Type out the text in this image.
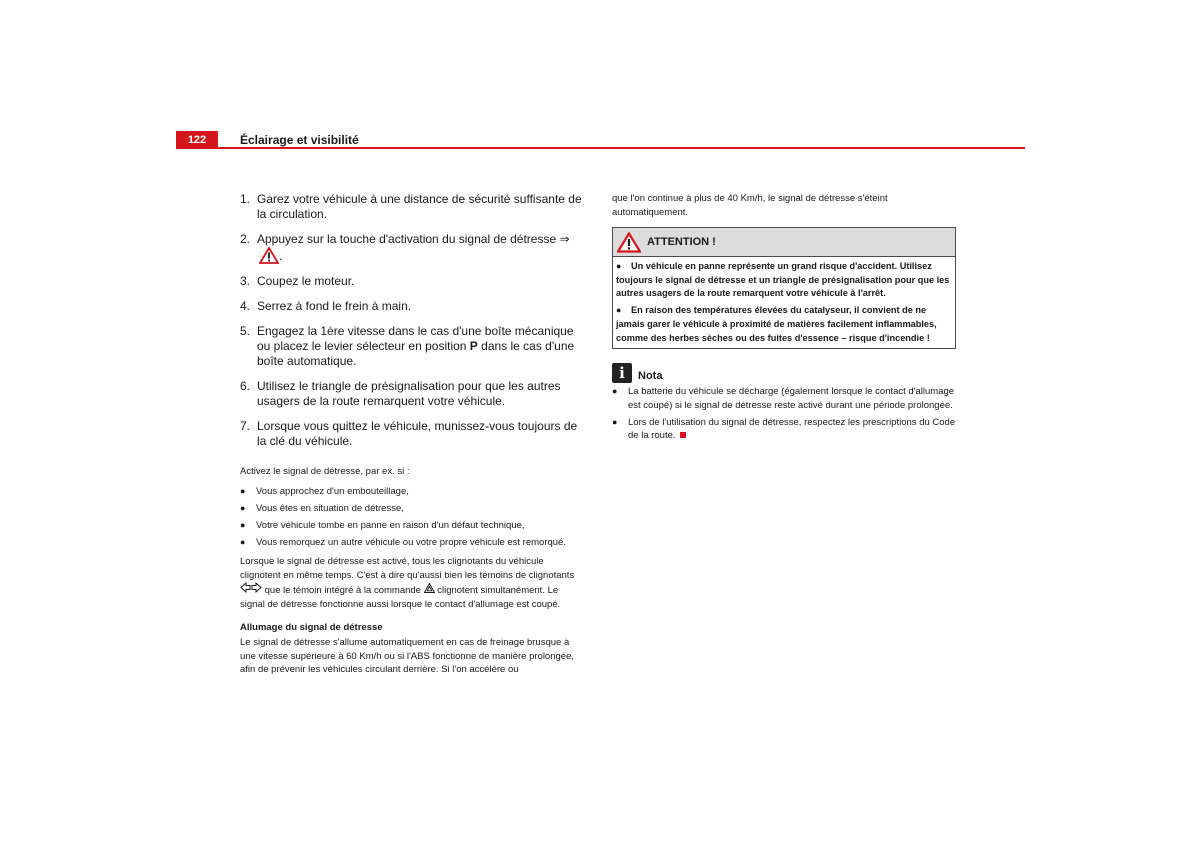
122	Éclairage et visibilité
1. Garez votre véhicule à une distance de sécurité suffisante de la circulation.
2. Appuyez sur la touche d'activation du signal de détresse ⇒.
3. Coupez le moteur.
4. Serrez à fond le frein à main.
5. Engagez la 1ère vitesse dans le cas d'une boîte mécanique ou placez le levier sélecteur en position P dans le cas d'une boîte automatique.
6. Utilisez le triangle de présignalisation pour que les autres usagers de la route remarquent votre véhicule.
7. Lorsque vous quittez le véhicule, munissez-vous toujours de la clé du véhicule.

Activez le signal de détresse, par ex. si :

●	Vous approchez d'un embouteillage,
●	Vous êtes en situation de détresse,
●	Votre véhicule tombe en panne en raison d'un défaut technique,
●	Vous remorquez un autre véhicule ou votre propre véhicule est remorqué.

Lorsque le signal de détresse est activé, tous les clignotants du véhicule clignotent en même temps. C'est à dire qu'aussi bien les témoins de clignotants  que le témoin intégré à la commande  clignotent simultanément. Le signal de détresse fonctionne aussi lorsque le contact d'allumage est coupé.

Allumage du signal de détresse

Le signal de détresse s'allume automatiquement en cas de freinage brusque à une vitesse supérieure à 60 Km/h ou si l'ABS fonctionne de manière prolongée, afin de prévenir les véhicules circulant derrière. Si l'on accélère ou

que l'on continue à plus de 40 Km/h, le signal de détresse s'éteint automatiquement.

ATTENTION !
● Un véhicule en panne représente un grand risque d'accident. Utilisez toujours le signal de détresse et un triangle de présignalisation pour que les autres usagers de la route remarquent votre véhicule à l'arrêt.
● En raison des températures élevées du catalyseur, il convient de ne jamais garer le véhicule à proximité de matières facilement inflammables, comme des herbes sèches ou des fuites d'essence – risque d'incendie !
i	Nota
●	La batterie du véhicule se décharge (également lorsque le contact d'allumage est coupé) si le signal de détresse reste activé durant une période prolongée.
●	Lors de l'utilisation du signal de détresse, respectez les prescriptions du Code de la route.
